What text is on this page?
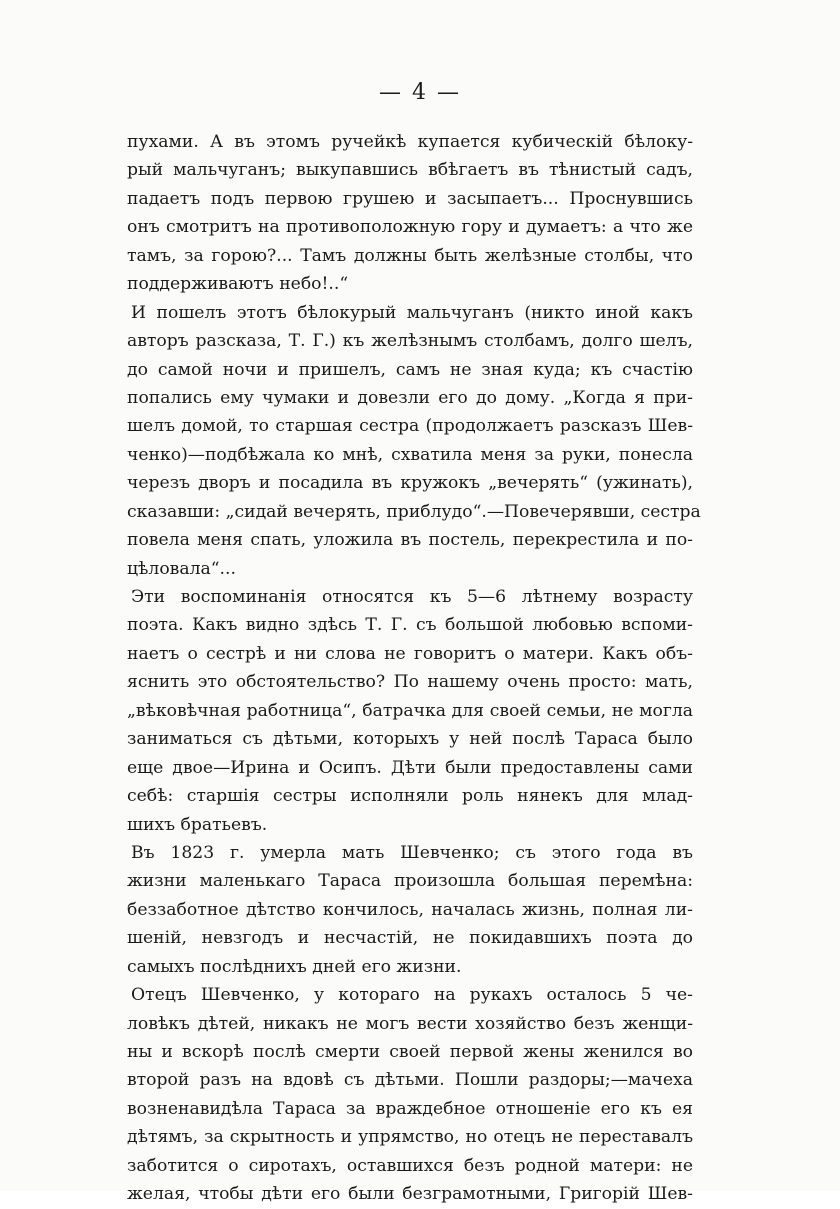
— 4 —

пухами. А въ этомъ ручейкѣ купается кубическій бѣлоку-
рый мальчуганъ; выкупавшись вбѣгаетъ въ тѣнистый садъ,
падаетъ подъ первою грушею и засыпаетъ... Проснувшись
онъ смотритъ на противоположную гору и думаетъ: а что же
тамъ, за горою?... Тамъ должны быть желѣзные столбы, что
поддерживаютъ небо!..“
И пошелъ этотъ бѣлокурый мальчуганъ (никто иной какъ
авторъ разсказа, Т. Г.) къ желѣзнымъ столбамъ, долго шелъ,
до самой ночи и пришелъ, самъ не зная куда; къ счастію
попались ему чумаки и довезли его до дому. „Когда я при-
шелъ домой, то старшая сестра (продолжаетъ разсказъ Шев-
ченко)—подбѣжала ко мнѣ, схватила меня за руки, понесла
черезъ дворъ и посадила въ кружокъ „вечерять“ (ужинать),
сказавши: „сидай вечерять, приблудо“.—Повечерявши, сестра
повела меня спать, уложила въ постель, перекрестила и по-
цѣловала“...
Эти воспоминанія относятся къ 5—6 лѣтнему возрасту
поэта. Какъ видно здѣсь Т. Г. съ большой любовью вспоми-
наетъ о сестрѣ и ни слова не говоритъ о матери. Какъ объ-
яснить это обстоятельство? По нашему очень просто: мать,
„вѣковѣчная работница“, батрачка для своей семьи, не могла
заниматься съ дѣтьми, которыхъ у ней послѣ Тараса было
еще двое—Ирина и Осипъ. Дѣти были предоставлены сами
себѣ: старшія сестры исполняли роль нянекъ для млад-
шихъ братьевъ.
Въ 1823 г. умерла мать Шевченко; съ этого года въ
жизни маленькаго Тараса произошла большая перемѣна:
беззаботное дѣтство кончилось, началась жизнь, полная ли-
шеній, невзгодъ и несчастій, не покидавшихъ поэта до
самыхъ послѣднихъ дней его жизни.
Отецъ Шевченко, у котораго на рукахъ осталось 5 че-
ловѣкъ дѣтей, никакъ не могъ вести хозяйство безъ женщи-
ны и вскорѣ послѣ смерти своей первой жены женился во
второй разъ на вдовѣ съ дѣтьми. Пошли раздоры;—мачеха
возненавидѣла Тараса за враждебное отношеніе его къ ея
дѣтямъ, за скрытность и упрямство, но отецъ не переставалъ
заботится о сиротахъ, оставшихся безъ родной матери: не
желая, чтобы дѣти его были безграмотными, Григорій Шев-
